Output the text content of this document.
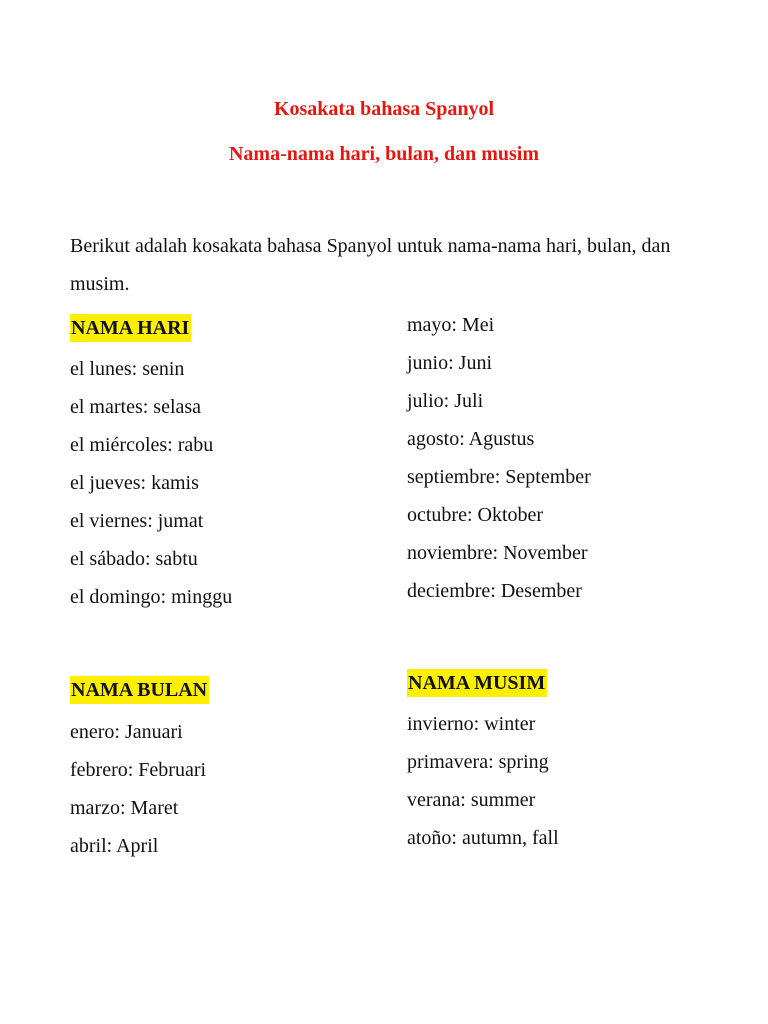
Kosakata bahasa Spanyol
Nama-nama hari, bulan, dan musim
Berikut adalah kosakata bahasa Spanyol untuk nama-nama hari, bulan, dan musim.
NAMA HARI
el lunes: senin
el martes: selasa
el miércoles: rabu
el jueves: kamis
el viernes: jumat
el sábado: sabtu
el domingo: minggu
NAMA BULAN
enero: Januari
febrero: Februari
marzo: Maret
abril: April
mayo: Mei
junio: Juni
julio: Juli
agosto: Agustus
septiembre: September
octubre: Oktober
noviembre: November
deciembre: Desember
NAMA MUSIM
invierno: winter
primavera: spring
verana: summer
atoño: autumn, fall
